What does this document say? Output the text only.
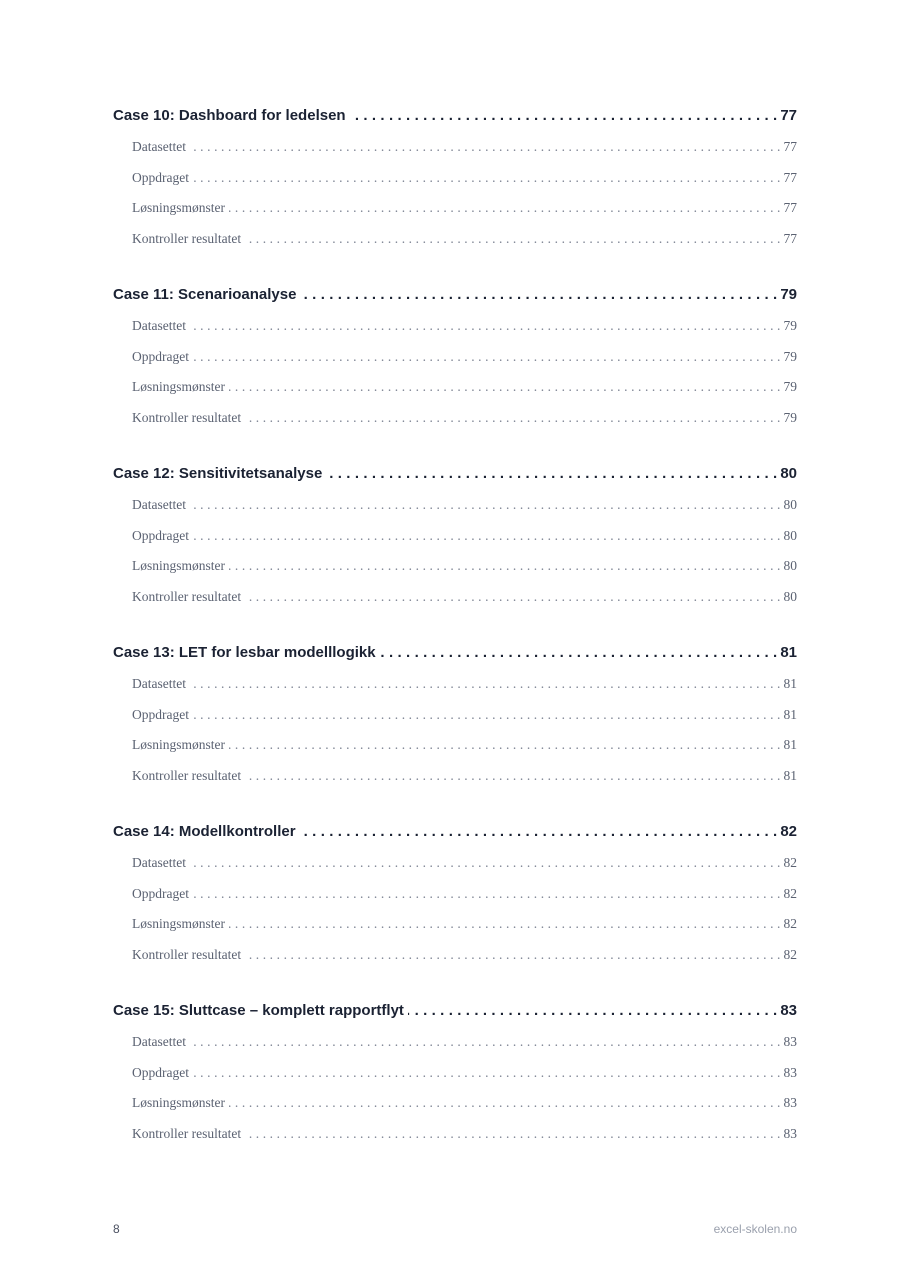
Case 10: Dashboard for ledelsen . . .	77
Datasettet . . .	77
Oppdraget . . .	77
Løsningsmønster . . .	77
Kontroller resultatet . . .	77
Case 11: Scenarioanalyse . . .	79
Datasettet . . .	79
Oppdraget . . .	79
Løsningsmønster . . .	79
Kontroller resultatet . . .	79
Case 12: Sensitivitetsanalyse . . .	80
Datasettet . . .	80
Oppdraget . . .	80
Løsningsmønster . . .	80
Kontroller resultatet . . .	80
Case 13: LET for lesbar modelllogikk . . .	81
Datasettet . . .	81
Oppdraget . . .	81
Løsningsmønster . . .	81
Kontroller resultatet . . .	81
Case 14: Modellkontroller . . .	82
Datasettet . . .	82
Oppdraget . . .	82
Løsningsmønster . . .	82
Kontroller resultatet . . .	82
Case 15: Sluttcase – komplett rapportflyt . . .	83
Datasettet . . .	83
Oppdraget . . .	83
Løsningsmønster . . .	83
Kontroller resultatet . . .	83
8	excel-skolen.no
